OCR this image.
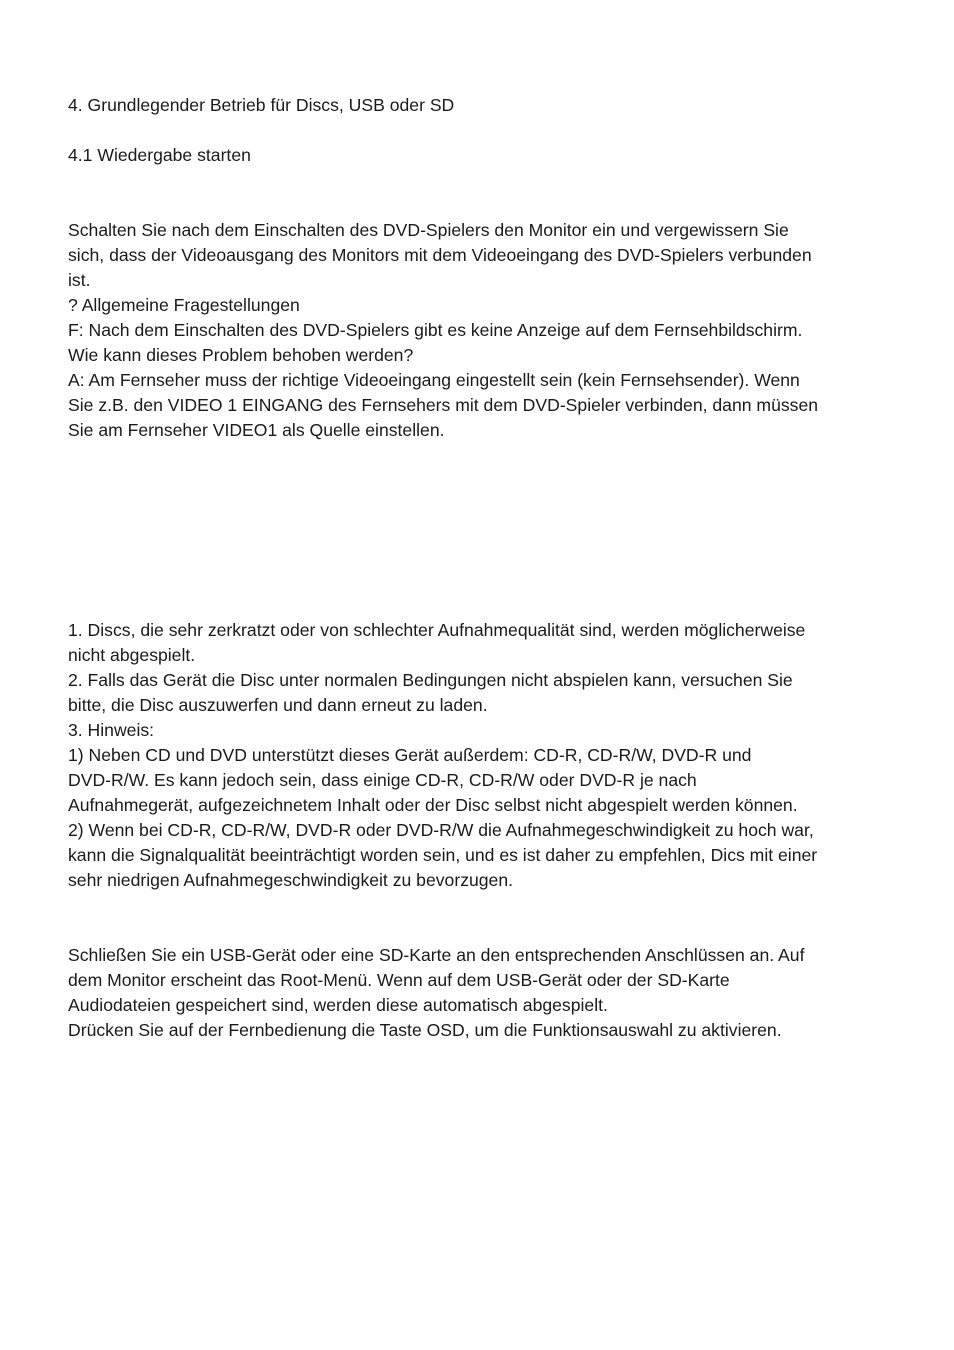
4. Grundlegender Betrieb für Discs, USB oder SD
4.1 Wiedergabe starten
Schalten Sie nach dem Einschalten des DVD-Spielers den Monitor ein und vergewissern Sie
sich, dass der Videoausgang des Monitors mit dem Videoeingang des DVD-Spielers verbunden
ist.
? Allgemeine Fragestellungen
F: Nach dem Einschalten des DVD-Spielers gibt es keine Anzeige auf dem Fernsehbildschirm.
Wie kann dieses Problem behoben werden?
A: Am Fernseher muss der richtige Videoeingang eingestellt sein (kein Fernsehsender). Wenn
Sie z.B. den VIDEO 1 EINGANG des Fernsehers mit dem DVD-Spieler verbinden, dann müssen
Sie am Fernseher VIDEO1 als Quelle einstellen.
1. Discs, die sehr zerkratzt oder von schlechter Aufnahmequalität sind, werden möglicherweise
nicht abgespielt.
2. Falls das Gerät die Disc unter normalen Bedingungen nicht abspielen kann, versuchen Sie
bitte, die Disc auszuwerfen und dann erneut zu laden.
3. Hinweis:
1) Neben CD und DVD unterstützt dieses Gerät außerdem: CD-R, CD-R/W, DVD-R und
DVD-R/W. Es kann jedoch sein, dass einige CD-R, CD-R/W oder DVD-R je nach
Aufnahmegerät, aufgezeichnetem Inhalt oder der Disc selbst nicht abgespielt werden können.
2) Wenn bei CD-R, CD-R/W, DVD-R oder DVD-R/W die Aufnahmegeschwindigkeit zu hoch war,
kann die Signalqualität beeinträchtigt worden sein, und es ist daher zu empfehlen, Dics mit einer
sehr niedrigen Aufnahmegeschwindigkeit zu bevorzugen.
Schließen Sie ein USB-Gerät oder eine SD-Karte an den entsprechenden Anschlüssen an. Auf
dem Monitor erscheint das Root-Menü. Wenn auf dem USB-Gerät oder der SD-Karte
Audiodateien gespeichert sind, werden diese automatisch abgespielt.
Drücken Sie auf der Fernbedienung die Taste OSD, um die Funktionsauswahl zu aktivieren.
